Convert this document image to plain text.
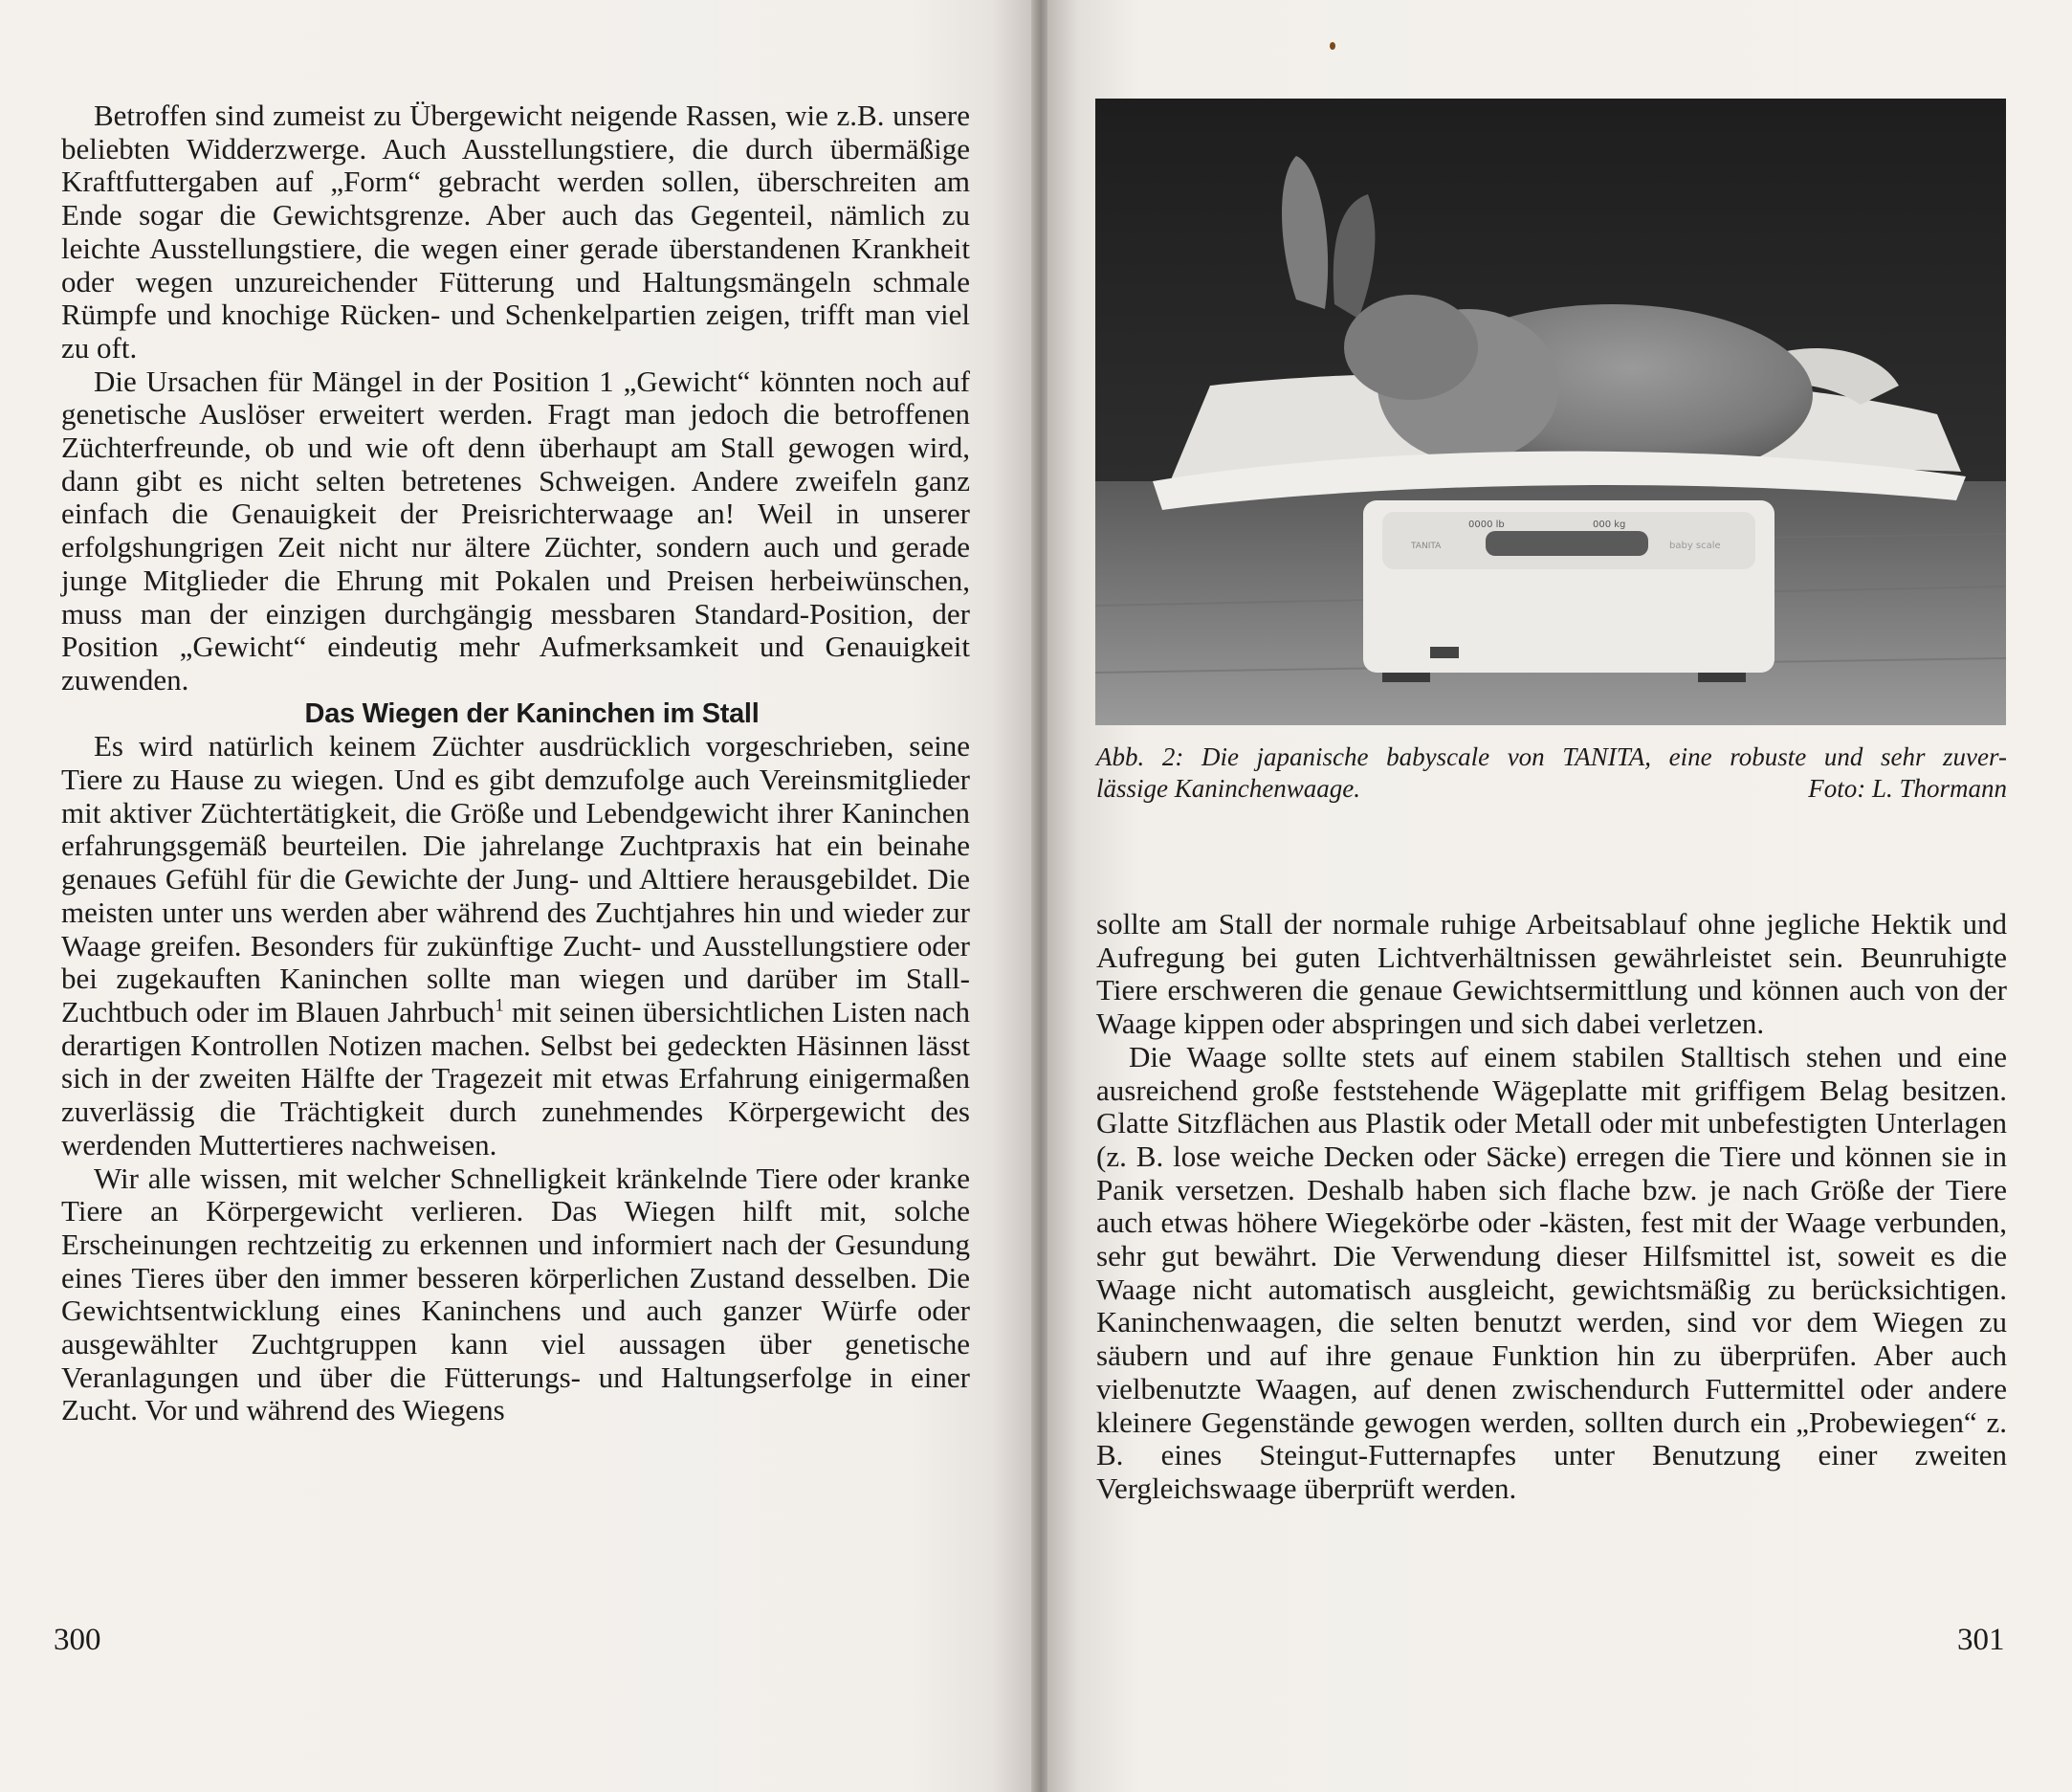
Betroffen sind zumeist zu Übergewicht neigende Rassen, wie z.B. unsere beliebten Widderzwerge. Auch Ausstellungstiere, die durch übermäßige Kraftfuttergaben auf „Form“ gebracht werden sollen, überschreiten am Ende sogar die Gewichtsgrenze. Aber auch das Gegenteil, nämlich zu leichte Ausstellungstiere, die wegen einer gerade überstandenen Krankheit oder wegen unzureichender Fütterung und Haltungsmängeln schmale Rümpfe und knochige Rücken- und Schenkelpartien zeigen, trifft man viel zu oft.

Die Ursachen für Mängel in der Position 1 „Gewicht“ könnten noch auf genetische Auslöser erweitert werden. Fragt man jedoch die betroffenen Züchterfreunde, ob und wie oft denn überhaupt am Stall gewogen wird, dann gibt es nicht selten betretenes Schweigen. Andere zweifeln ganz einfach die Genauigkeit der Preisrichterwaage an! Weil in unserer erfolgshungrigen Zeit nicht nur ältere Züchter, sondern auch und gerade junge Mitglieder die Ehrung mit Pokalen und Preisen herbeiwünschen, muss man der einzigen durchgängig messbaren Standard-Position, der Position „Gewicht“ eindeutig mehr Aufmerksamkeit und Genauigkeit zuwenden.

Das Wiegen der Kaninchen im Stall

Es wird natürlich keinem Züchter ausdrücklich vorgeschrieben, seine Tiere zu Hause zu wiegen. Und es gibt demzufolge auch Vereinsmitglieder mit aktiver Züchtertätigkeit, die Größe und Lebendgewicht ihrer Kaninchen erfahrungsgemäß beurteilen. Die jahrelange Zuchtpraxis hat ein beinahe genaues Gefühl für die Gewichte der Jung- und Alttiere herausgebildet. Die meisten unter uns werden aber während des Zuchtjahres hin und wieder zur Waage greifen. Besonders für zukünftige Zucht- und Ausstellungstiere oder bei zugekauften Kaninchen sollte man wiegen und darüber im Stall-Zuchtbuch oder im Blauen Jahrbuch$^1$ mit seinen übersichtlichen Listen nach derartigen Kontrollen Notizen machen. Selbst bei gedeckten Häsinnen lässt sich in der zweiten Hälfte der Tragezeit mit etwas Erfahrung einigermaßen zuverlässig die Trächtigkeit durch zunehmendes Körpergewicht des werdenden Muttertieres nachweisen.

Wir alle wissen, mit welcher Schnelligkeit kränkelnde Tiere oder kranke Tiere an Körpergewicht verlieren. Das Wiegen hilft mit, solche Erscheinungen rechtzeitig zu erkennen und informiert nach der Gesundung eines Tieres über den immer besseren körperlichen Zustand desselben. Die Gewichtsentwicklung eines Kaninchens und auch ganzer Würfe oder ausgewählter Zuchtgruppen kann viel aussagen über genetische Veranlagungen und über die Fütterungs- und Haltungserfolge in einer Zucht. Vor und während des Wiegens

300
0000 lb	000 kg
TANITA	baby scale
Abb. 2: Die japanische babyscale von TANITA, eine robuste und sehr zuver-
lässige Kaninchenwaage.	Foto: L. Thormann

sollte am Stall der normale ruhige Arbeitsablauf ohne jegliche Hektik und Aufregung bei guten Lichtverhältnissen gewährleistet sein. Beunruhigte Tiere erschweren die genaue Gewichtsermittlung und können auch von der Waage kippen oder abspringen und sich dabei verletzen.

Die Waage sollte stets auf einem stabilen Stalltisch stehen und eine ausreichend große feststehende Wägeplatte mit griffigem Belag besitzen. Glatte Sitzflächen aus Plastik oder Metall oder mit unbefestigten Unterlagen (z. B. lose weiche Decken oder Säcke) erregen die Tiere und können sie in Panik versetzen. Deshalb haben sich flache bzw. je nach Größe der Tiere auch etwas höhere Wiegekörbe oder -kästen, fest mit der Waage verbunden, sehr gut bewährt. Die Verwendung dieser Hilfsmittel ist, soweit es die Waage nicht automatisch ausgleicht, gewichtsmäßig zu berücksichtigen. Kaninchenwaagen, die selten benutzt werden, sind vor dem Wiegen zu säubern und auf ihre genaue Funktion hin zu überprüfen. Aber auch vielbenutzte Waagen, auf denen zwischendurch Futtermittel oder andere kleinere Gegenstände gewogen werden, sollten durch ein „Probewiegen“ z. B. eines Steingut-Futternapfes unter Benutzung einer zweiten Vergleichswaage überprüft werden.

301
